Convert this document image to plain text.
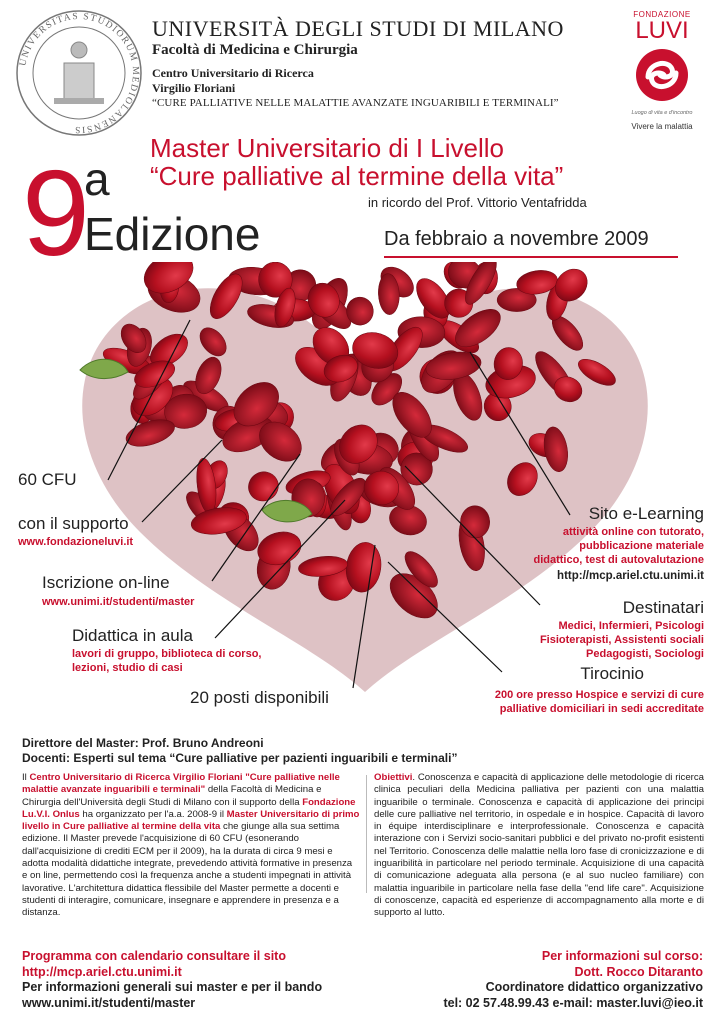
UNIVERSITAS STUDIORUM MEDIOLANENSIS
UNIVERSITÀ DEGLI STUDI DI MILANO
Facoltà di Medicina e Chirurgia
Centro Universitario di Ricerca
Virgilio Floriani
“CURE PALLIATIVE NELLE MALATTIE AVANZATE INGUARIBILI E TERMINALI”
FONDAZIONE
LUVI
Luogo di vita e d'incontro
Vivere la malattia
9
a
Edizione
Master Universitario di I Livello
“Cure palliative al termine della vita”
in ricordo del Prof. Vittorio Ventafridda
Da febbraio a novembre 2009
60 CFU
con il supporto
www.fondazioneluvi.it
Iscrizione on-line
www.unimi.it/studenti/master
Didattica in aula
lavori di gruppo, biblioteca di corso,
lezioni, studio di casi
20 posti disponibili
Sito e-Learning
attività online con tutorato,
pubblicazione materiale
didattico, test di autovalutazione
http://mcp.ariel.ctu.unimi.it
Destinatari
Medici, Infermieri, Psicologi
Fisioterapisti, Assistenti sociali
Pedagogisti, Sociologi
Tirocinio
200 ore presso Hospice e servizi di cure
palliative domiciliari in sedi accreditate
Direttore del Master: Prof. Bruno Andreoni
Docenti: Esperti sul tema “Cure palliative per pazienti inguaribili e terminali”
Il Centro Universitario di Ricerca Virgilio Floriani "Cure palliative nelle malattie avanzate inguaribili e terminali" della Facoltà di Medicina e Chirurgia dell'Università degli Studi di Milano con il supporto della Fondazione Lu.V.I. Onlus ha organizzato per l'a.a. 2008-9 il Master Universitario di primo livello in Cure palliative al termine della vita che giunge alla sua settima edizione. Il Master prevede l'acquisizione di 60 CFU (esonerando dall'acquisizione di crediti ECM per il 2009), ha la durata di circa 9 mesi e adotta modalità didattiche integrate, prevedendo attività formative in presenza e on line, permettendo così la frequenza anche a studenti impegnati in attività lavorative. L'architettura didattica flessibile del Master permette a docenti e studenti di interagire, comunicare, insegnare e apprendere in presenza e a distanza.
Obiettivi. Conoscenza e capacità di applicazione delle metodologie di ricerca clinica peculiari della Medicina palliativa per pazienti con una malattia inguaribile o terminale. Conoscenza e capacità di applicazione dei principi delle cure palliative nel territorio, in ospedale e in hospice. Capacità di lavoro in équipe interdisciplinare e interprofessionale. Conoscenza e capacità interazione con i Servizi socio-sanitari pubblici e del privato no-profit esistenti nel Territorio. Conoscenza delle malattie nella loro fase di cronicizzazione e di inguaribilità in particolare nel periodo terminale. Acquisizione di una capacità di comunicazione adeguata alla persona (e al suo nucleo familiare) con malattia inguaribile in particolare nella fase della "end life care". Acquisizione di conoscenze, capacità ed esperienze di accompagnamento alla morte e di supporto al lutto.
Programma con calendario consultare il sito
http://mcp.ariel.ctu.unimi.it
Per informazioni generali sui master e per il bando
www.unimi.it/studenti/master
Per informazioni sul corso:
Dott. Rocco Ditaranto
Coordinatore didattico organizzativo
tel: 02 57.48.99.43 e-mail: master.luvi@ieo.it
